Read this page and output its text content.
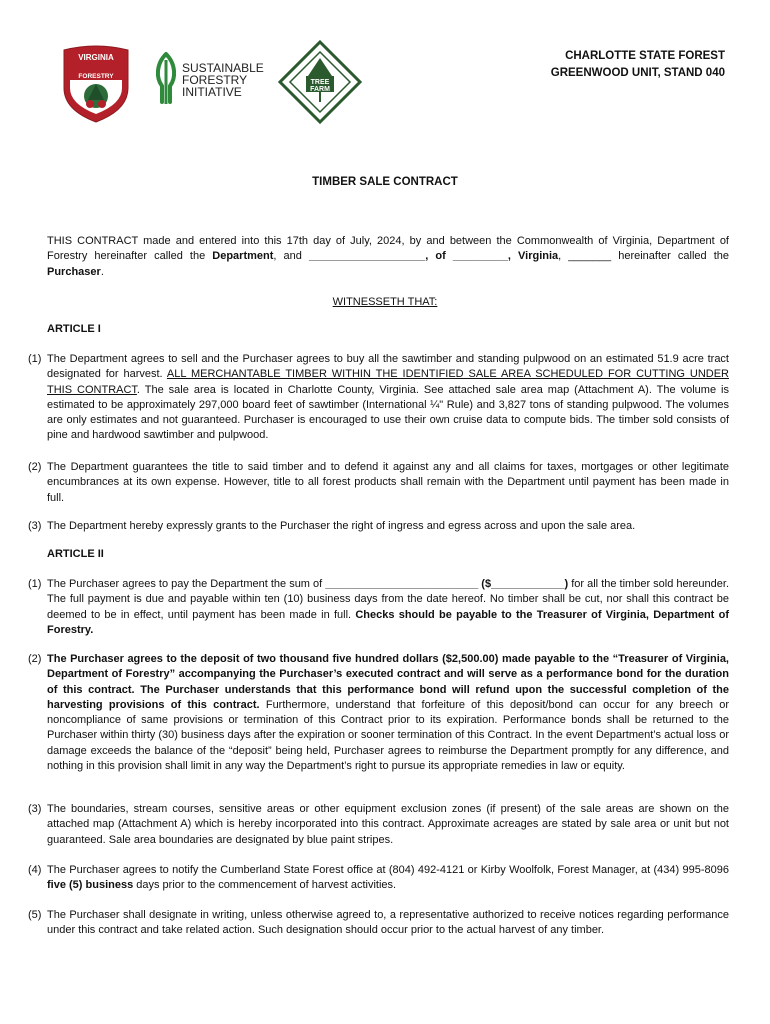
VIRGINIA
FORESTRY
SUSTAINABLE
FORESTRY
INITIATIVE
TREE
FARM
CHARLOTTE STATE FOREST
GREENWOOD UNIT, STAND 040
TIMBER SALE CONTRACT
THIS CONTRACT made and entered into this 17th day of July, 2024, by and between the Commonwealth of Virginia, Department of Forestry hereinafter called the Department, and ___________________, of _________, Virginia, _______ hereinafter called the Purchaser.
WITNESSETH THAT:
ARTICLE I
(1) The Department agrees to sell and the Purchaser agrees to buy all the sawtimber and standing pulpwood on an estimated 51.9 acre tract designated for harvest. ALL MERCHANTABLE TIMBER WITHIN THE IDENTIFIED SALE AREA SCHEDULED FOR CUTTING UNDER THIS CONTRACT. The sale area is located in Charlotte County, Virginia. See attached sale area map (Attachment A). The volume is estimated to be approximately 297,000 board feet of sawtimber (International ¼" Rule) and 3,827 tons of standing pulpwood. The volumes are only estimates and not guaranteed. Purchaser is encouraged to use their own cruise data to compute bids. The timber sold consists of pine and hardwood sawtimber and pulpwood.

(2) The Department guarantees the title to said timber and to defend it against any and all claims for taxes, mortgages or other legitimate encumbrances at its own expense. However, title to all forest products shall remain with the Department until payment has been made in full.

(3) The Department hereby expressly grants to the Purchaser the right of ingress and egress across and upon the sale area.

ARTICLE II
(1) The Purchaser agrees to pay the Department the sum of _________________________ ($____________) for all the timber sold hereunder. The full payment is due and payable within ten (10) business days from the date hereof. No timber shall be cut, nor shall this contract be deemed to be in effect, until payment has been made in full. Checks should be payable to the Treasurer of Virginia, Department of Forestry.

(2) The Purchaser agrees to the deposit of two thousand five hundred dollars ($2,500.00) made payable to the “Treasurer of Virginia, Department of Forestry” accompanying the Purchaser’s executed contract and will serve as a performance bond for the duration of this contract. The Purchaser understands that this performance bond will refund upon the successful completion of the harvesting provisions of this contract. Furthermore, understand that forfeiture of this deposit/bond can occur for any breech or noncompliance of same provisions or termination of this Contract prior to its expiration. Performance bonds shall be returned to the Purchaser within thirty (30) business days after the expiration or sooner termination of this Contract. In the event Department’s actual loss or damage exceeds the balance of the “deposit” being held, Purchaser agrees to reimburse the Department promptly for any difference, and nothing in this provision shall limit in any way the Department’s right to pursue its appropriate remedies in law or equity.

(3) The boundaries, stream courses, sensitive areas or other equipment exclusion zones (if present) of the sale areas are shown on the attached map (Attachment A) which is hereby incorporated into this contract. Approximate acreages are stated by sale area or unit but not guaranteed. Sale area boundaries are designated by blue paint stripes.

(4) The Purchaser agrees to notify the Cumberland State Forest office at (804) 492-4121 or Kirby Woolfolk, Forest Manager, at (434) 995-8096 five (5) business days prior to the commencement of harvest activities.

(5) The Purchaser shall designate in writing, unless otherwise agreed to, a representative authorized to receive notices regarding performance under this contract and take related action. Such designation should occur prior to the actual harvest of any timber.
